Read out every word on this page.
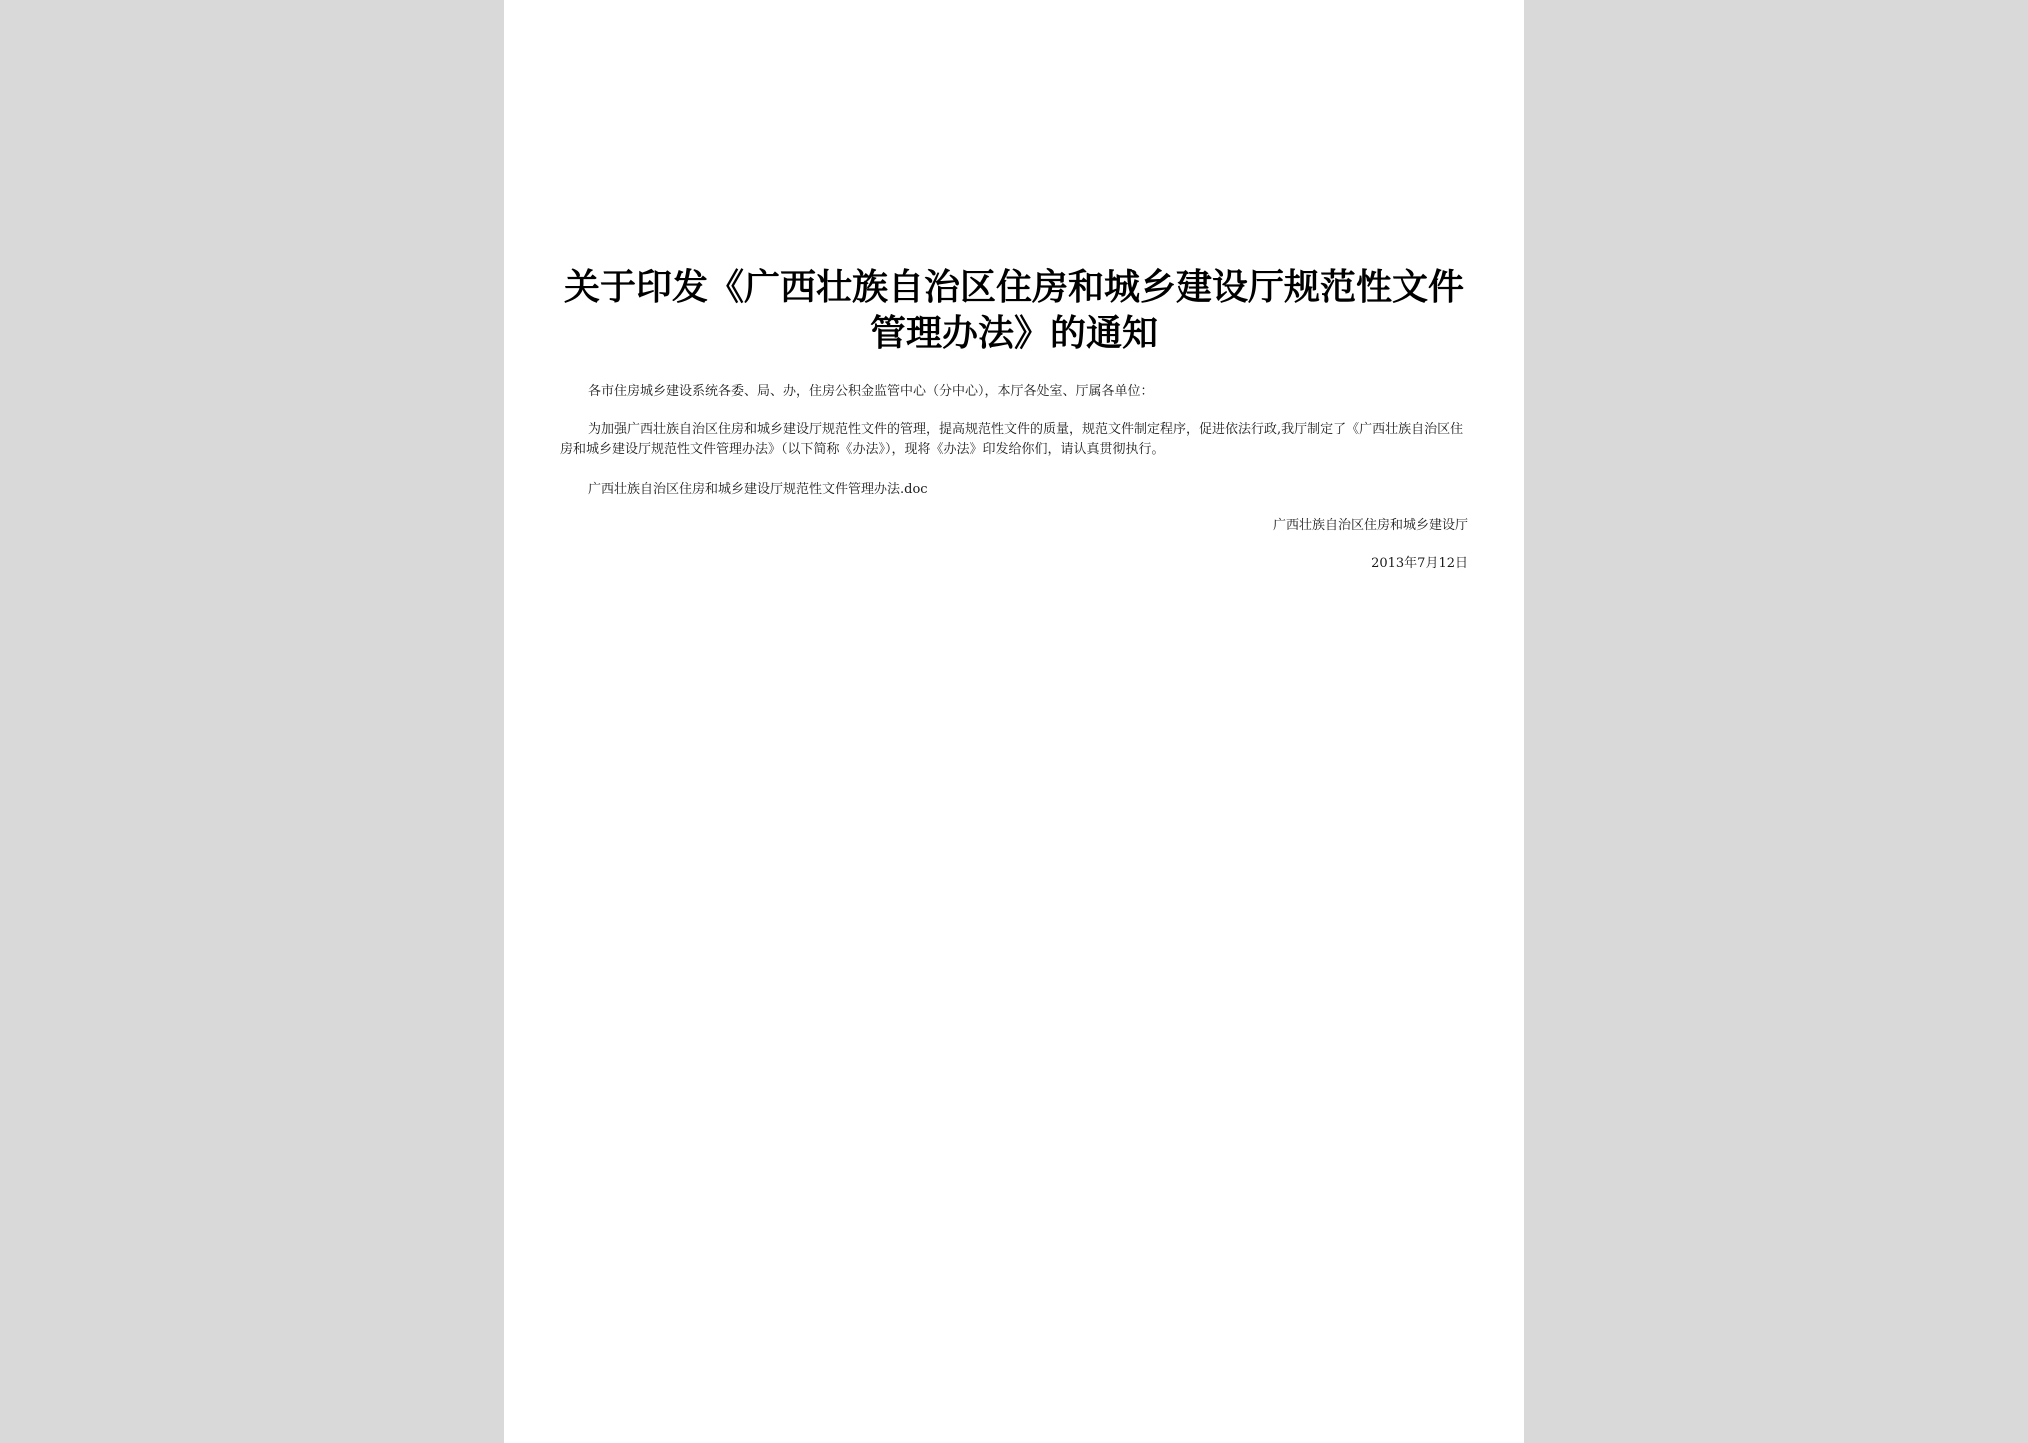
关于印发《广西壮族自治区住房和城乡建设厅规范性文件管理办法》的通知
各市住房城乡建设系统各委、局、办，住房公积金监管中心（分中心），本厅各处室、厅属各单位：
为加强广西壮族自治区住房和城乡建设厅规范性文件的管理，提高规范性文件的质量，规范文件制定程序，促进依法行政,我厅制定了《广西壮族自治区住房和城乡建设厅规范性文件管理办法》（以下简称《办法》），现将《办法》印发给你们，请认真贯彻执行。
广西壮族自治区住房和城乡建设厅规范性文件管理办法.doc
广西壮族自治区住房和城乡建设厅
2013年7月12日
